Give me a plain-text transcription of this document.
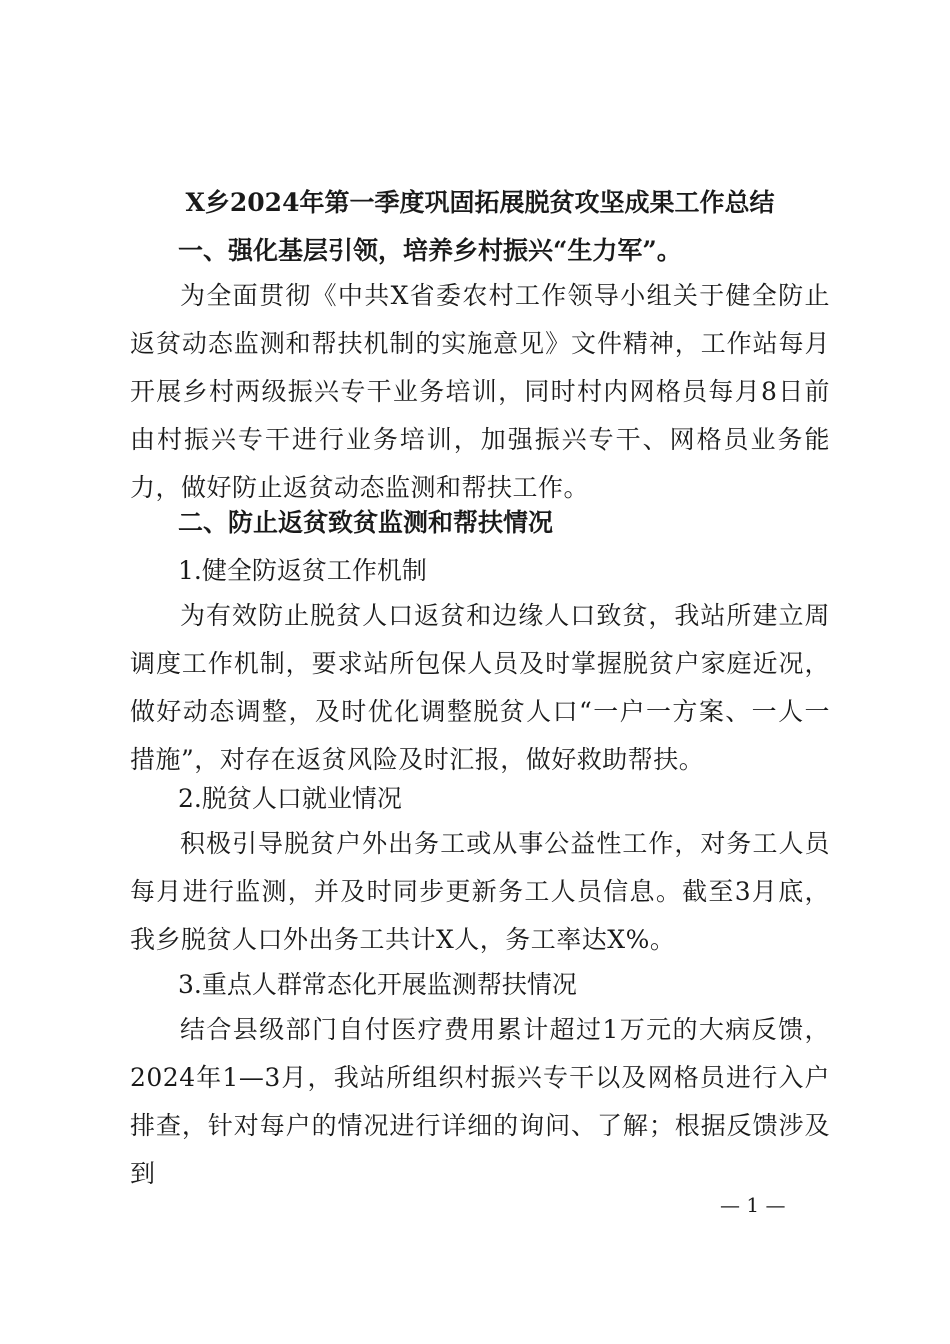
X乡2024年第一季度巩固拓展脱贫攻坚成果工作总结
一、强化基层引领，培养乡村振兴“生力军”。
为全面贯彻《中共X省委农村工作领导小组关于健全防止返贫动态监测和帮扶机制的实施意见》文件精神，工作站每月开展乡村两级振兴专干业务培训，同时村内网格员每月8日前由村振兴专干进行业务培训，加强振兴专干、网格员业务能力，做好防止返贫动态监测和帮扶工作。
二、防止返贫致贫监测和帮扶情况
1.健全防返贫工作机制
为有效防止脱贫人口返贫和边缘人口致贫，我站所建立周调度工作机制，要求站所包保人员及时掌握脱贫户家庭近况，做好动态调整，及时优化调整脱贫人口“一户一方案、一人一措施”，对存在返贫风险及时汇报，做好救助帮扶。
2.脱贫人口就业情况
积极引导脱贫户外出务工或从事公益性工作，对务工人员每月进行监测，并及时同步更新务工人员信息。截至3月底，我乡脱贫人口外出务工共计X人，务工率达X%。
3.重点人群常态化开展监测帮扶情况
结合县级部门自付医疗费用累计超过1万元的大病反馈，2024年1—3月，我站所组织村振兴专干以及网格员进行入户排查，针对每户的情况进行详细的询问、了解；根据反馈涉及到
— 1 —
